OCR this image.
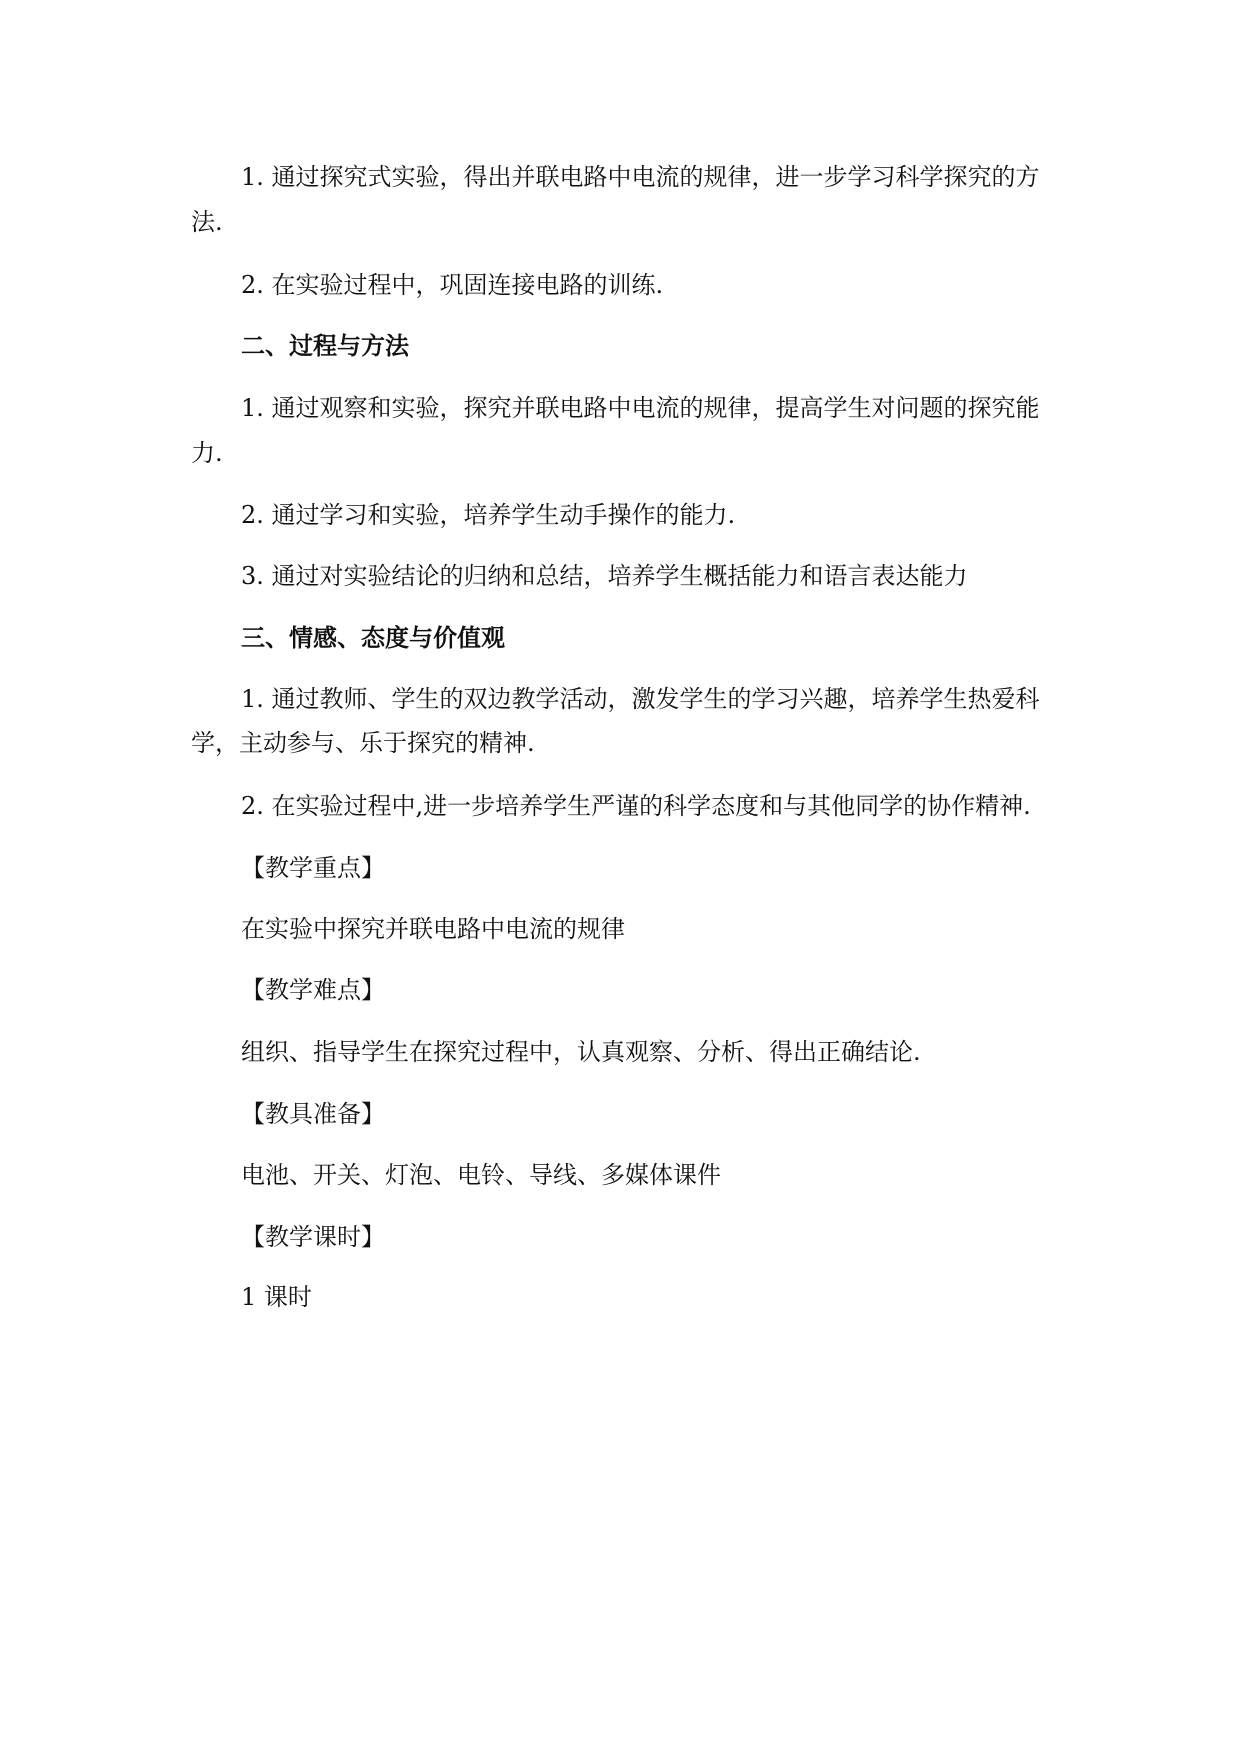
1. 通过探究式实验，得出并联电路中电流的规律，进一步学习科学探究的方
法.
2. 在实验过程中，巩固连接电路的训练.
二、过程与方法
1. 通过观察和实验，探究并联电路中电流的规律，提高学生对问题的探究能
力.
2. 通过学习和实验，培养学生动手操作的能力.
3. 通过对实验结论的归纳和总结，培养学生概括能力和语言表达能力
三、情感、态度与价值观
1. 通过教师、学生的双边教学活动，激发学生的学习兴趣，培养学生热爱科
学，主动参与、乐于探究的精神.
2. 在实验过程中,进一步培养学生严谨的科学态度和与其他同学的协作精神.
【教学重点】
在实验中探究并联电路中电流的规律
【教学难点】
组织、指导学生在探究过程中，认真观察、分析、得出正确结论.
【教具准备】
电池、开关、灯泡、电铃、导线、多媒体课件
【教学课时】
1 课时
